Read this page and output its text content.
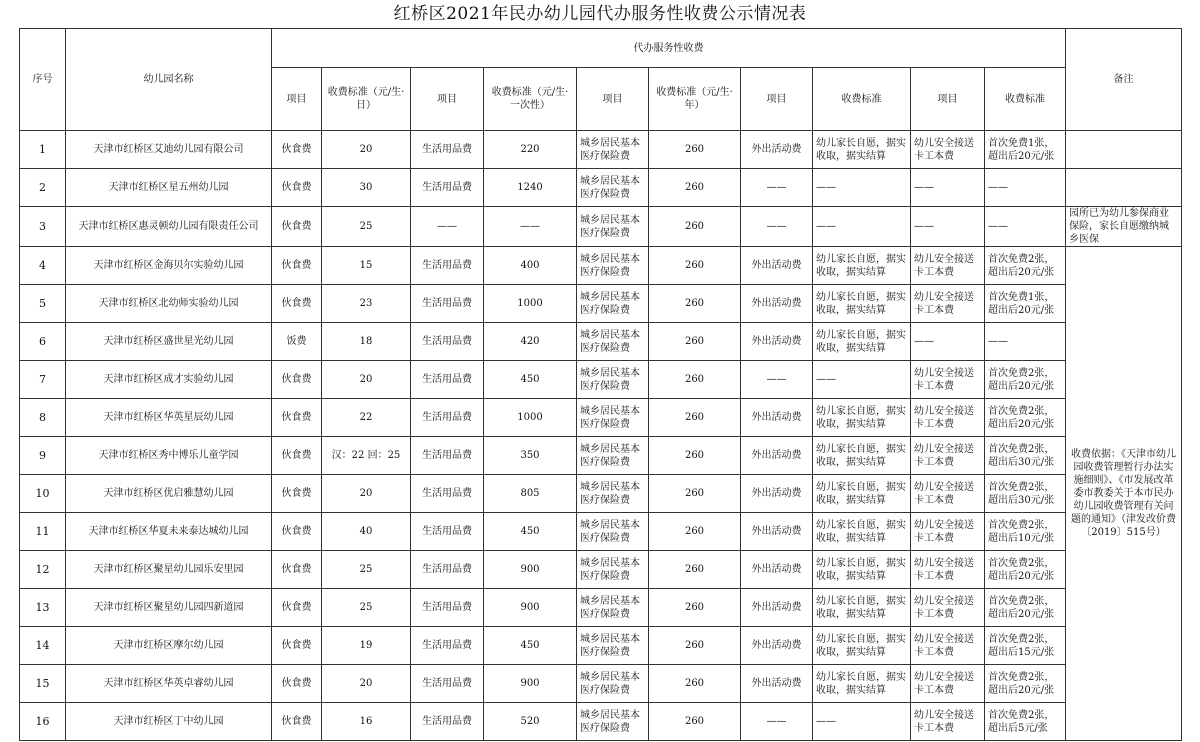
红桥区2021年民办幼儿园代办服务性收费公示情况表
序号	幼儿园名称	代办服务性收费										备注
		项目	收费标准（元/生·日）	项目	收费标准（元/生· 一次性）	项目	收费标准（元/生·年）	项目	收费标准	项目	收费标准	
1	天津市红桥区艾迪幼儿园有限公司	伙食费	20	生活用品费	220	城乡居民基本医疗保险费	260	外出活动费	幼儿家长自愿，据实收取，据实结算	幼儿安全接送卡工本费	首次免费1张，超出后20元/张	
2	天津市红桥区星五州幼儿园	伙食费	30	生活用品费	1240	城乡居民基本医疗保险费	260	——	——	——	——	
3	天津市红桥区惠灵顿幼儿园有限责任公司	伙食费	25	——	——	城乡居民基本医疗保险费	260	——	——	——	——	园所已为幼儿参保商业保险，家长自愿缴纳城乡医保
4	天津市红桥区金海贝尔实验幼儿园	伙食费	15	生活用品费	400	城乡居民基本医疗保险费	260	外出活动费	幼儿家长自愿，据实收取，据实结算	幼儿安全接送卡工本费	首次免费2张，超出后20元/张	收费依据：《天津市幼儿园收费管理暂行办法实施细则》、《市发展改革委市教委关于本市民办幼儿园收费管理有关问题的通知》（津发改价费〔2019〕515号）
5	天津市红桥区北幼师实验幼儿园	伙食费	23	生活用品费	1000	城乡居民基本医疗保险费	260	外出活动费	幼儿家长自愿，据实收取，据实结算	幼儿安全接送卡工本费	首次免费1张，超出后20元/张	
6	天津市红桥区盛世星光幼儿园	饭费	18	生活用品费	420	城乡居民基本医疗保险费	260	外出活动费	幼儿家长自愿，据实收取，据实结算	——	——	
7	天津市红桥区成才实验幼儿园	伙食费	20	生活用品费	450	城乡居民基本医疗保险费	260	——	——	幼儿安全接送卡工本费	首次免费2张，超出后20元/张	
8	天津市红桥区华英星辰幼儿园	伙食费	22	生活用品费	1000	城乡居民基本医疗保险费	260	外出活动费	幼儿家长自愿，据实收取，据实结算	幼儿安全接送卡工本费	首次免费2张，超出后20元/张	
9	天津市红桥区秀中博乐儿童学园	伙食费	汉：22 回：25	生活用品费	350	城乡居民基本医疗保险费	260	外出活动费	幼儿家长自愿，据实收取，据实结算	幼儿安全接送卡工本费	首次免费2张，超出后30元/张	
10	天津市红桥区优启雅慧幼儿园	伙食费	20	生活用品费	805	城乡居民基本医疗保险费	260	外出活动费	幼儿家长自愿，据实收取，据实结算	幼儿安全接送卡工本费	首次免费2张，超出后30元/张	
11	天津市红桥区华夏未来泰达城幼儿园	伙食费	40	生活用品费	450	城乡居民基本医疗保险费	260	外出活动费	幼儿家长自愿，据实收取，据实结算	幼儿安全接送卡工本费	首次免费2张，超出后10元/张	
12	天津市红桥区聚星幼儿园乐安里园	伙食费	25	生活用品费	900	城乡居民基本医疗保险费	260	外出活动费	幼儿家长自愿，据实收取，据实结算	幼儿安全接送卡工本费	首次免费2张，超出后20元/张	
13	天津市红桥区聚星幼儿园四新道园	伙食费	25	生活用品费	900	城乡居民基本医疗保险费	260	外出活动费	幼儿家长自愿，据实收取，据实结算	幼儿安全接送卡工本费	首次免费2张，超出后20元/张	
14	天津市红桥区摩尔幼儿园	伙食费	19	生活用品费	450	城乡居民基本医疗保险费	260	外出活动费	幼儿家长自愿，据实收取，据实结算	幼儿安全接送卡工本费	首次免费2张，超出后15元/张	
15	天津市红桥区华英卓睿幼儿园	伙食费	20	生活用品费	900	城乡居民基本医疗保险费	260	外出活动费	幼儿家长自愿，据实收取，据实结算	幼儿安全接送卡工本费	首次免费2张，超出后20元/张	
16	天津市红桥区丁中幼儿园	伙食费	16	生活用品费	520	城乡居民基本医疗保险费	260	——	——	幼儿安全接送卡工本费	首次免费2张，超出后5元/张	
